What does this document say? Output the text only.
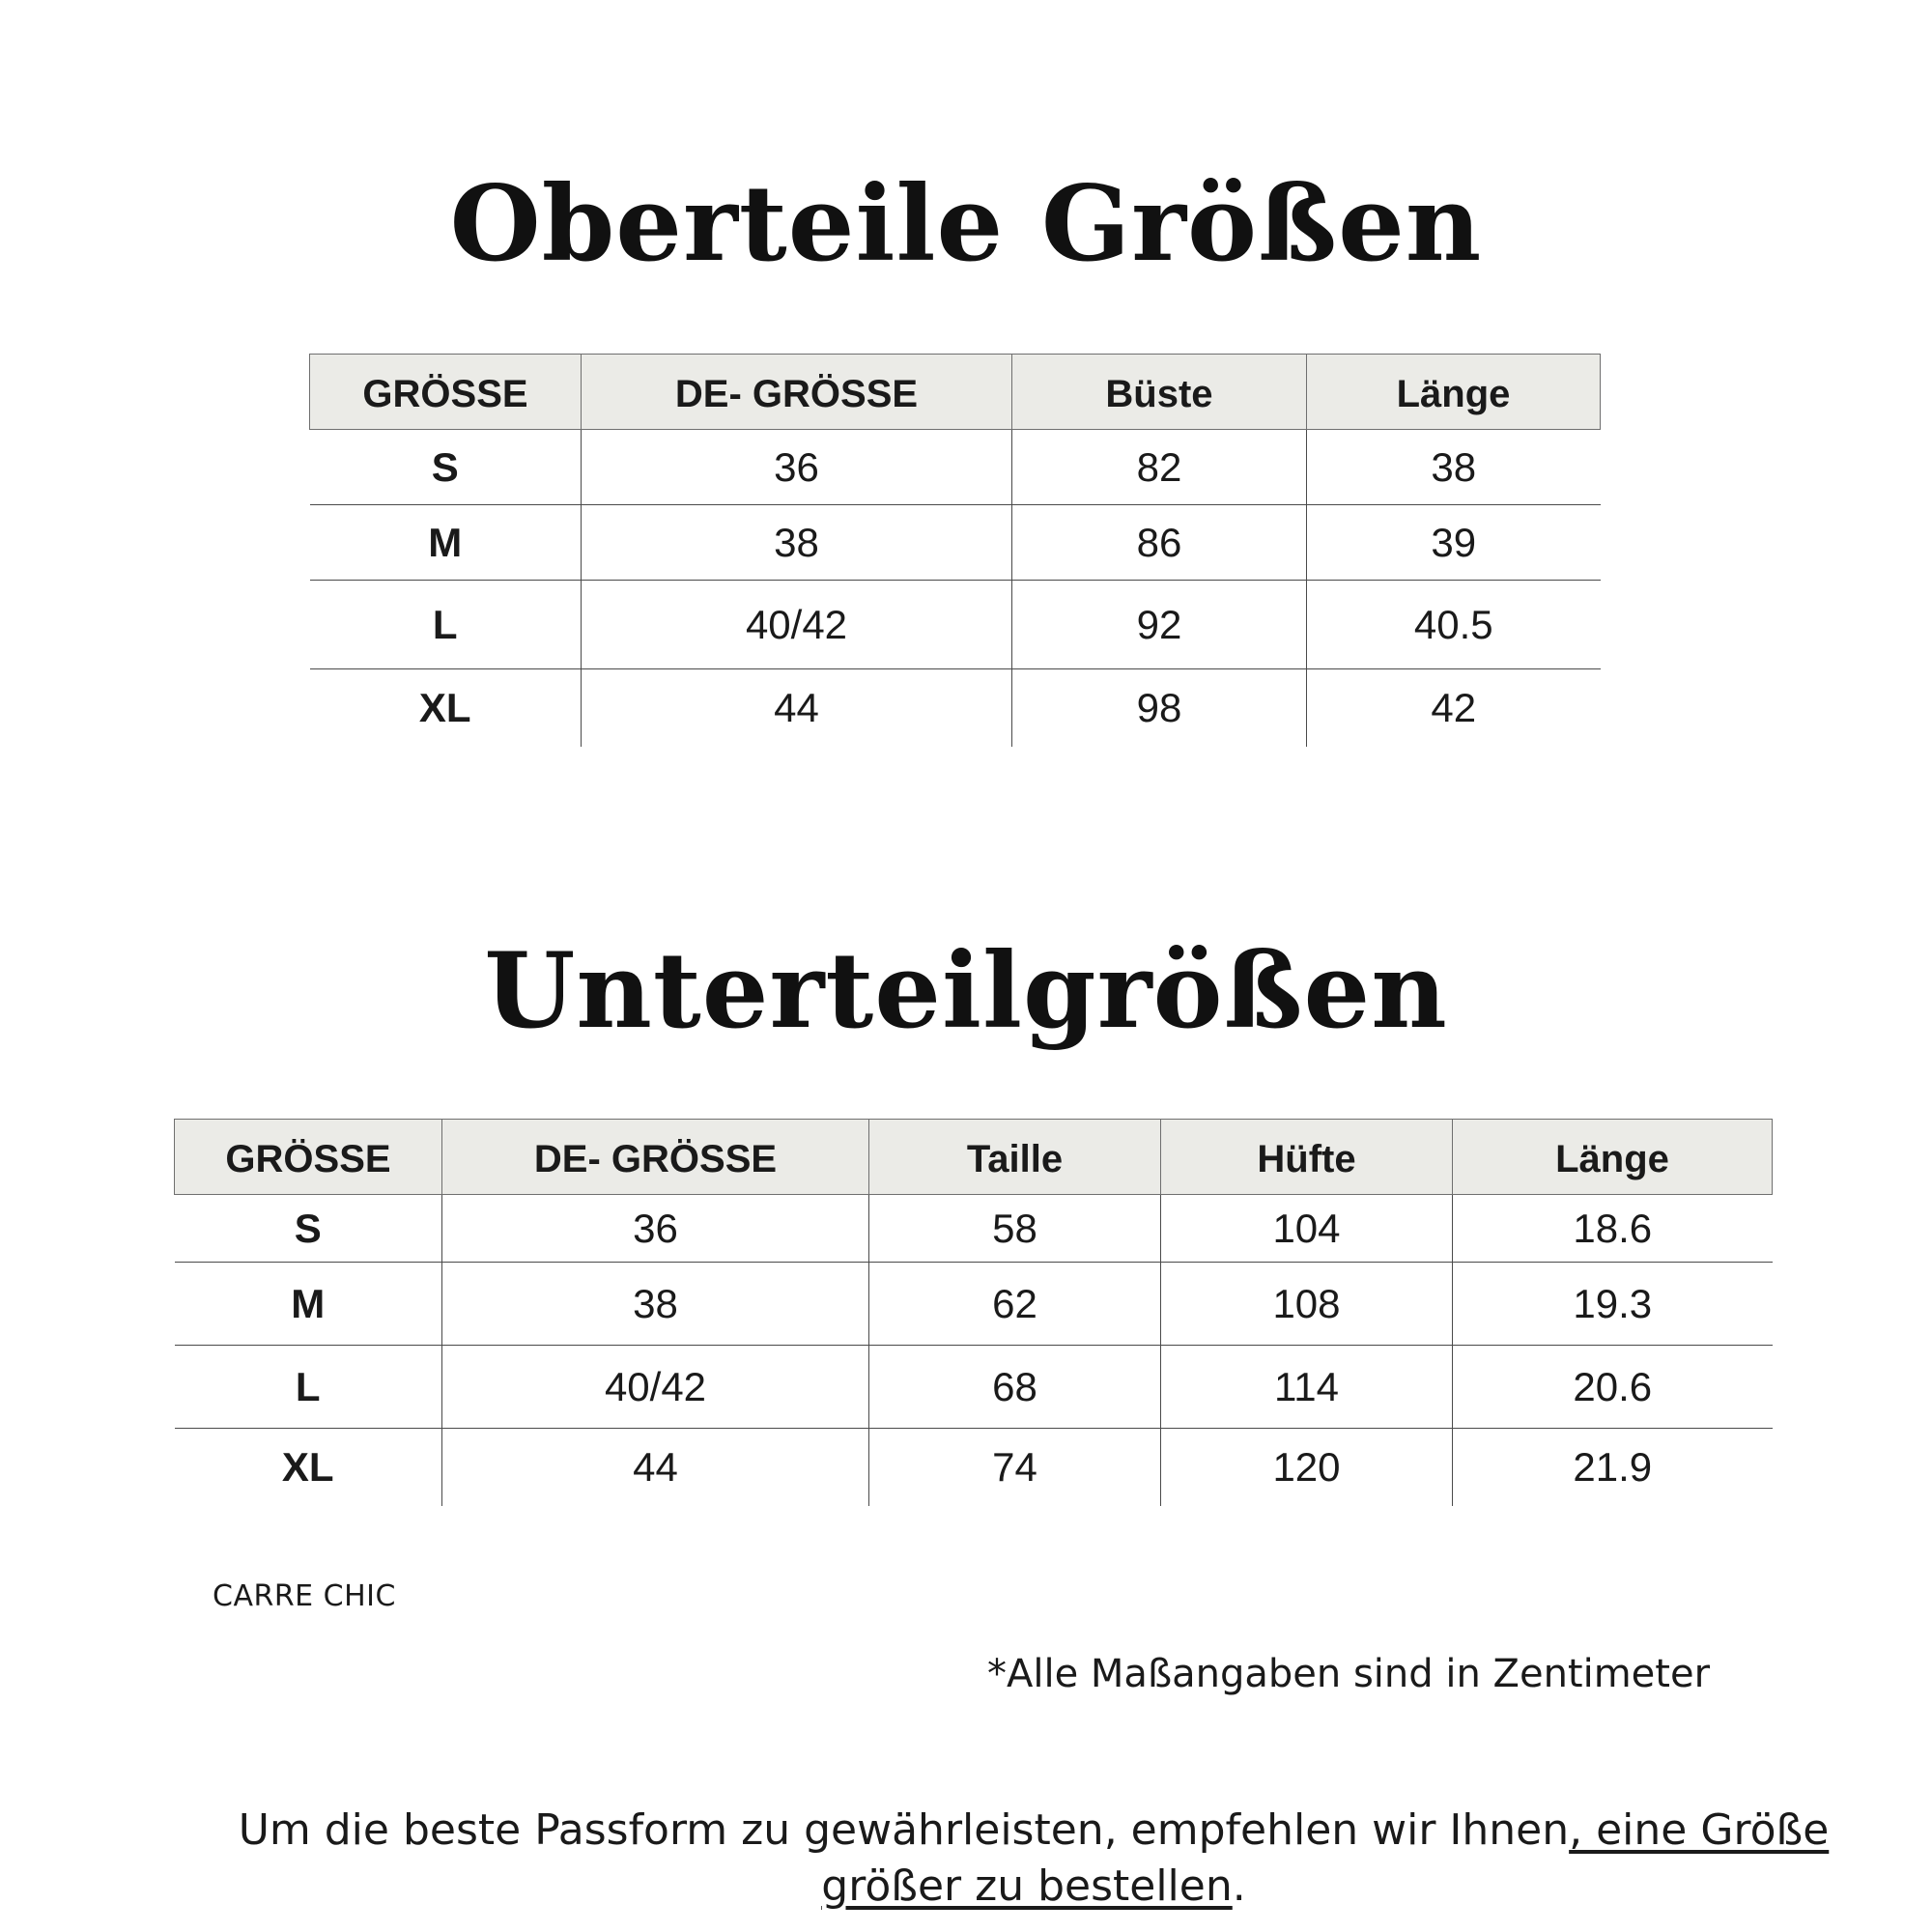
Oberteile Größen
GRÖSSE	DE- GRÖSSE	Büste	Länge
S	36	82	38
M	38	86	39
L	40/42	92	40.5
XL	44	98	42
Unterteilgrößen
GRÖSSE	DE- GRÖSSE	Taille	Hüfte	Länge
S	36	58	104	18.6
M	38	62	108	19.3
L	40/42	68	114	20.6
XL	44	74	120	21.9
CARRE CHIC
*Alle Maßangaben sind in Zentimeter

Um die beste Passform zu gewährleisten, empfehlen wir Ihnen, eine Größe größer zu bestellen.
